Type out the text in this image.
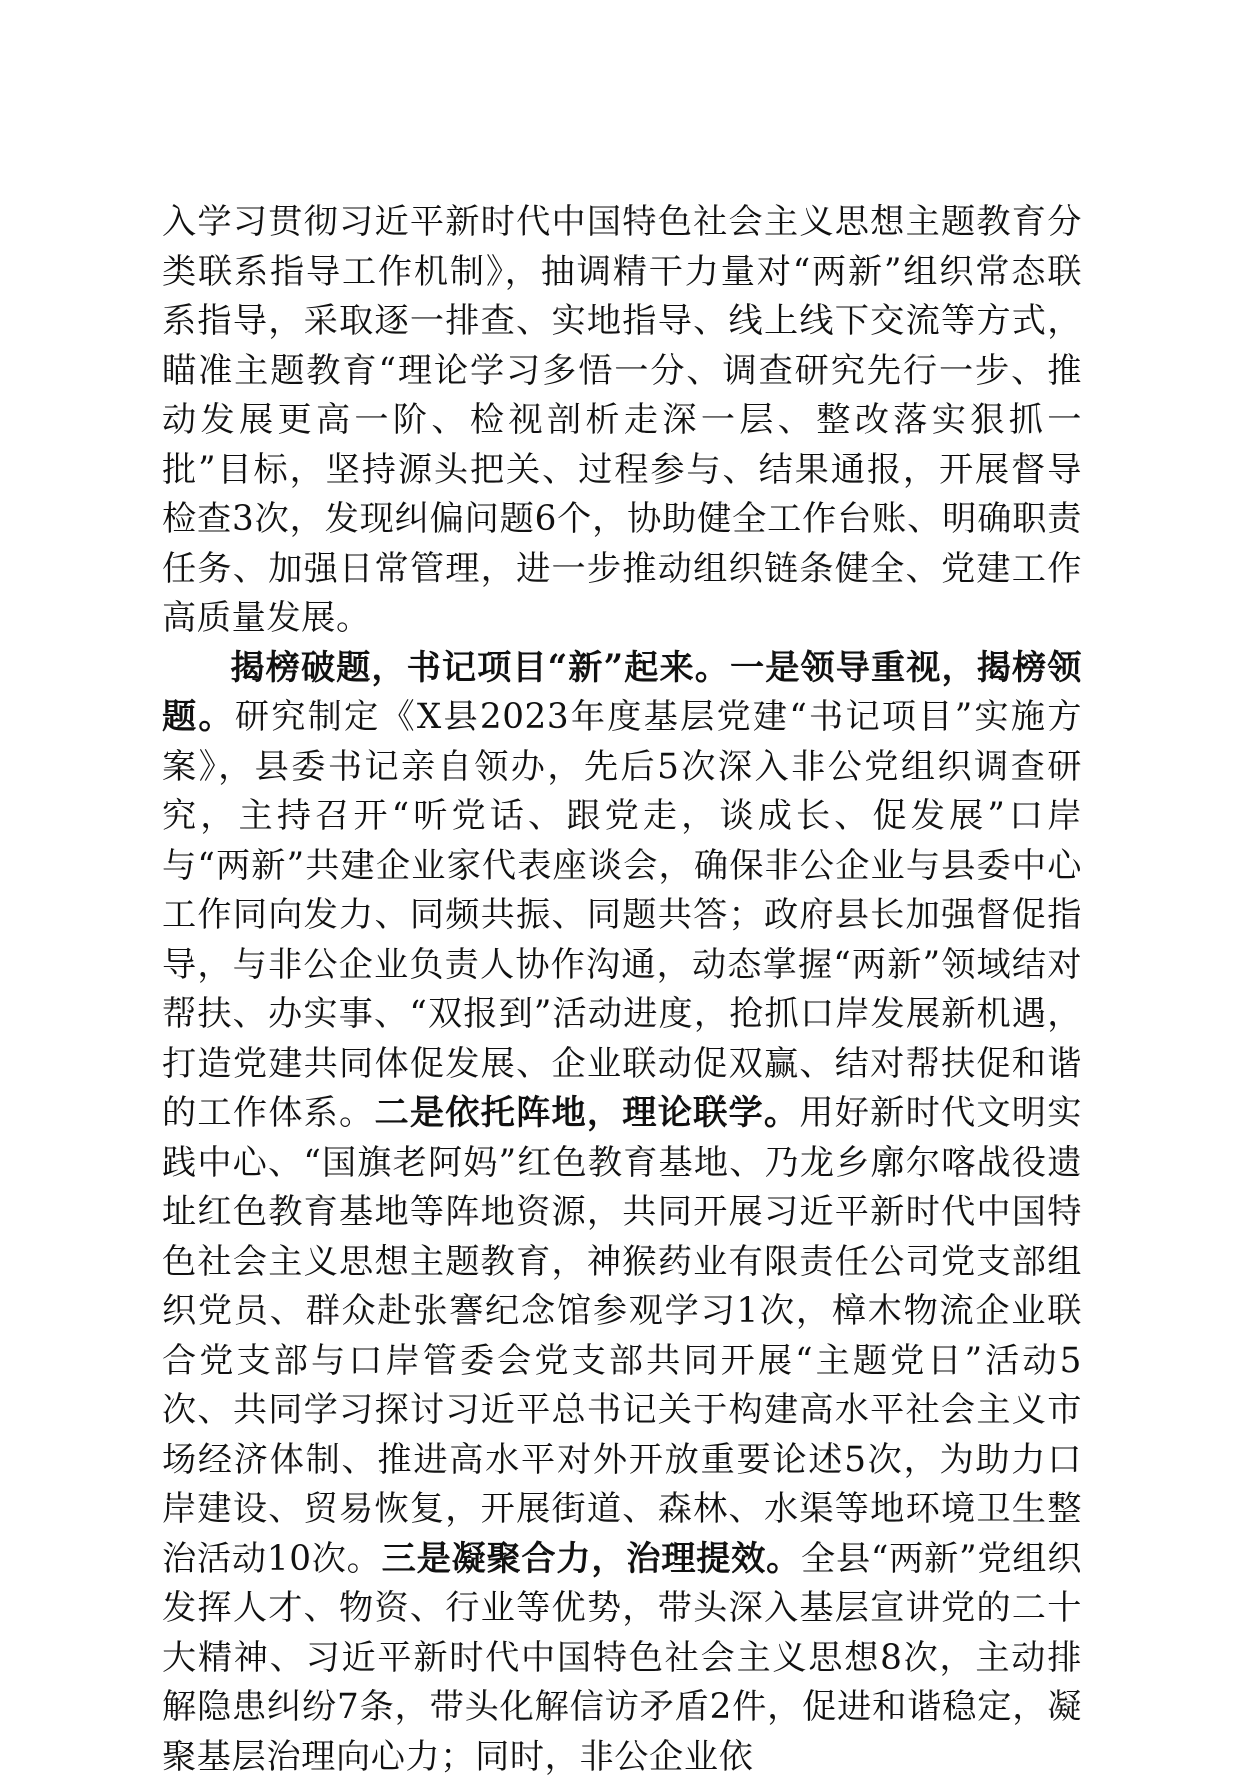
入学习贯彻习近平新时代中国特色社会主义思想主题教育分类联系指导工作机制》，抽调精干力量对“两新”组织常态联系指导，采取逐一排查、实地指导、线上线下交流等方式，瞄准主题教育“理论学习多悟一分、调查研究先行一步、推动发展更高一阶、检视剖析走深一层、整改落实狠抓一批”目标，坚持源头把关、过程参与、结果通报，开展督导检查3次，发现纠偏问题6个，协助健全工作台账、明确职责任务、加强日常管理，进一步推动组织链条健全、党建工作高质量发展。

揭榜破题，书记项目“新”起来。一是领导重视，揭榜领题。研究制定《X县2023年度基层党建“书记项目”实施方案》，县委书记亲自领办，先后5次深入非公党组织调查研究，主持召开“听党话、跟党走，谈成长、促发展”口岸与“两新”共建企业家代表座谈会，确保非公企业与县委中心工作同向发力、同频共振、同题共答；政府县长加强督促指导，与非公企业负责人协作沟通，动态掌握“两新”领域结对帮扶、办实事、“双报到”活动进度，抢抓口岸发展新机遇，打造党建共同体促发展、企业联动促双赢、结对帮扶促和谐的工作体系。二是依托阵地，理论联学。用好新时代文明实践中心、“国旗老阿妈”红色教育基地、乃龙乡廓尔喀战役遗址红色教育基地等阵地资源，共同开展习近平新时代中国特色社会主义思想主题教育，神猴药业有限责任公司党支部组织党员、群众赴张謇纪念馆参观学习1次，樟木物流企业联合党支部与口岸管委会党支部共同开展“主题党日”活动5次、共同学习探讨习近平总书记关于构建高水平社会主义市场经济体制、推进高水平对外开放重要论述5次，为助力口岸建设、贸易恢复，开展街道、森林、水渠等地环境卫生整治活动10次。三是凝聚合力，治理提效。全县“两新”党组织发挥人才、物资、行业等优势，带头深入基层宣讲党的二十大精神、习近平新时代中国特色社会主义思想8次，主动排解隐患纠纷7条，带头化解信访矛盾2件，促进和谐稳定，凝聚基层治理向心力；同时，非公企业依
